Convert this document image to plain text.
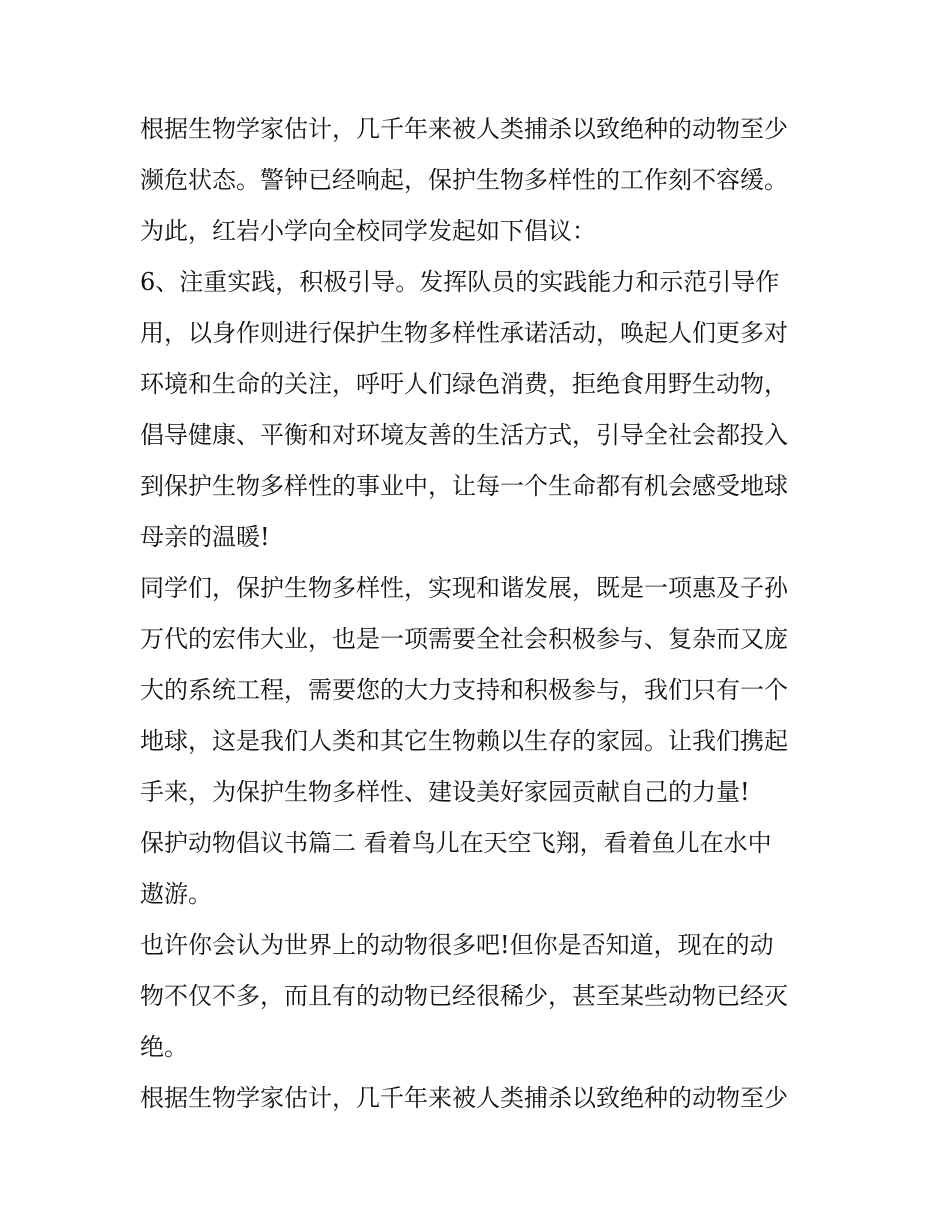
根据生物学家估计，几千年来被人类捕杀以致绝种的动物至少
濒危状态。警钟已经响起，保护生物多样性的工作刻不容缓。
为此，红岩小学向全校同学发起如下倡议：
6、注重实践，积极引导。发挥队员的实践能力和示范引导作
用，以身作则进行保护生物多样性承诺活动，唤起人们更多对
环境和生命的关注，呼吁人们绿色消费，拒绝食用野生动物，
倡导健康、平衡和对环境友善的生活方式，引导全社会都投入
到保护生物多样性的事业中，让每一个生命都有机会感受地球
母亲的温暖!
同学们，保护生物多样性，实现和谐发展，既是一项惠及子孙
万代的宏伟大业，也是一项需要全社会积极参与、复杂而又庞
大的系统工程，需要您的大力支持和积极参与，我们只有一个
地球，这是我们人类和其它生物赖以生存的家园。让我们携起
手来，为保护生物多样性、建设美好家园贡献自己的力量!
保护动物倡议书篇二 看着鸟儿在天空飞翔，看着鱼儿在水中
遨游。
也许你会认为世界上的动物很多吧!但你是否知道，现在的动
物不仅不多，而且有的动物已经很稀少，甚至某些动物已经灭
绝。
根据生物学家估计，几千年来被人类捕杀以致绝种的动物至少
